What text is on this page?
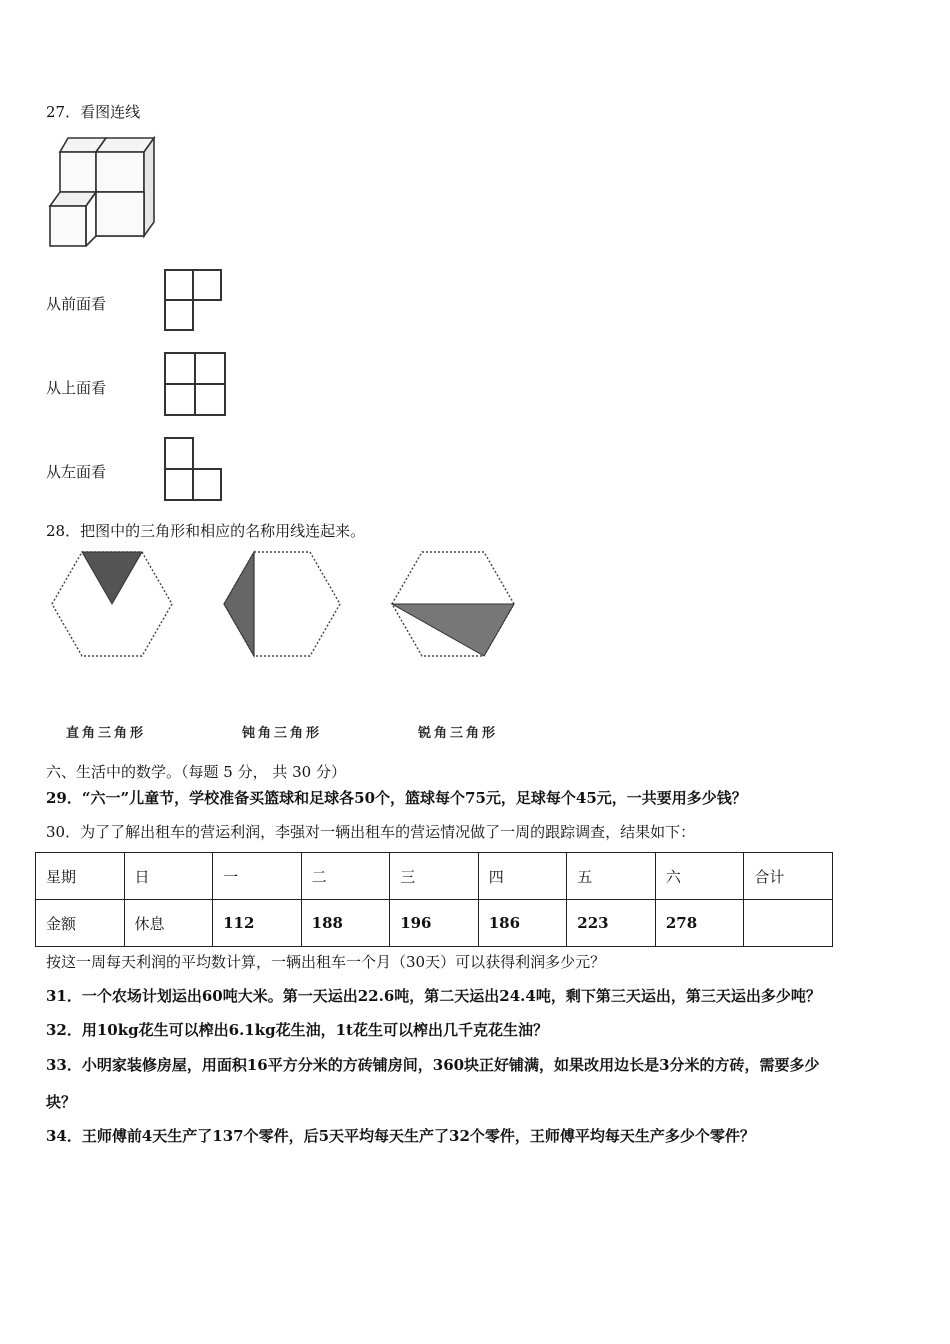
27．看图连线
从前面看
从上面看
从左面看
28．把图中的三角形和相应的名称用线连起来。
直角三角形	钝角三角形	锐角三角形
六、生活中的数学。（每题 5 分， 共 30 分）
29．“六一”儿童节，学校准备买篮球和足球各50个，篮球每个75元，足球每个45元，一共要用多少钱？
30．为了了解出租车的营运利润，李强对一辆出租车的营运情况做了一周的跟踪调查，结果如下：
星期	日	一	二	三	四	五	六	合计
金额	休息	112	188	196	186	223	278	
按这一周每天利润的平均数计算，一辆出租车一个月（30天）可以获得利润多少元？
31．一个农场计划运出60吨大米。第一天运出22.6吨，第二天运出24.4吨，剩下第三天运出，第三天运出多少吨？
32．用10kg花生可以榨出6.1kg花生油，1t花生可以榨出几千克花生油？
33．小明家装修房屋，用面积16平方分米的方砖铺房间，360块正好铺满，如果改用边长是3分米的方砖，需要多少
块？
34．王师傅前4天生产了137个零件，后5天平均每天生产了32个零件，王师傅平均每天生产多少个零件？
